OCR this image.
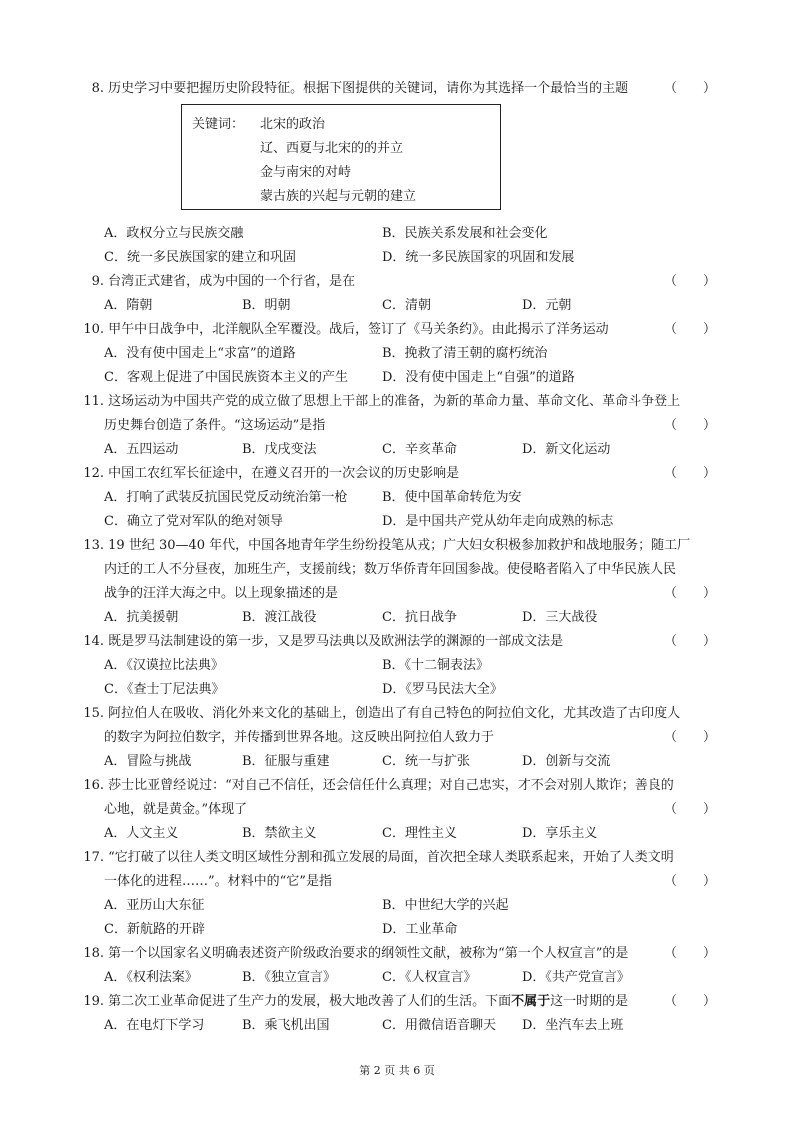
8. 历史学习中要把握历史阶段特征。根据下图提供的关键词，请你为其选择一个最恰当的主题	（　　）
关键词： 北宋的政治
辽、西夏与北宋的的并立
金与南宋的对峙
蒙古族的兴起与元朝的建立
A．政权分立与民族交融	B．民族关系发展和社会变化
C．统一多民族国家的建立和巩固	D．统一多民族国家的巩固和发展
9. 台湾正式建省，成为中国的一个行省，是在	（　　）
A．隋朝	B．明朝	C．清朝	D．元朝
10. 甲午中日战争中，北洋舰队全军覆没。战后，签订了《马关条约》。由此揭示了洋务运动	（　　）
A．没有使中国走上“求富”的道路	B．挽救了清王朝的腐朽统治
C．客观上促进了中国民族资本主义的产生	D．没有使中国走上“自强”的道路
11. 这场运动为中国共产党的成立做了思想上干部上的准备，为新的革命力量、革命文化、革命斗争登上
历史舞台创造了条件。“这场运动”是指	（　　）
A．五四运动	B．戊戌变法	C．辛亥革命	D．新文化运动
12. 中国工农红军长征途中，在遵义召开的一次会议的历史影响是	（　　）
A．打响了武装反抗国民党反动统治第一枪	B．使中国革命转危为安
C．确立了党对军队的绝对领导	D．是中国共产党从幼年走向成熟的标志
13. 19 世纪 30—40 年代，中国各地青年学生纷纷投笔从戎；广大妇女积极参加救护和战地服务；随工厂
内迁的工人不分昼夜，加班生产，支援前线；数万华侨青年回国参战。使侵略者陷入了中华民族人民
战争的汪洋大海之中。以上现象描述的是	（　　）
A．抗美援朝	B．渡江战役	C．抗日战争	D．三大战役
14. 既是罗马法制建设的第一步，又是罗马法典以及欧洲法学的渊源的一部成文法是	（　　）
A．《汉谟拉比法典》	B．《十二铜表法》
C．《查士丁尼法典》	D．《罗马民法大全》
15. 阿拉伯人在吸收、消化外来文化的基础上，创造出了有自己特色的阿拉伯文化，尤其改造了古印度人
的数字为阿拉伯数字，并传播到世界各地。这反映出阿拉伯人致力于	（　　）
A．冒险与挑战	B．征服与重建	C．统一与扩张	D．创新与交流
16. 莎士比亚曾经说过：“对自己不信任，还会信任什么真理；对自己忠实，才不会对别人欺诈；善良的
心地，就是黄金。”体现了	（　　）
A．人文主义	B．禁欲主义	C．理性主义	D．享乐主义
17. “它打破了以往人类文明区域性分割和孤立发展的局面，首次把全球人类联系起来，开始了人类文明
一体化的进程……”。材料中的“它”是指	（　　）
A．亚历山大东征	B．中世纪大学的兴起
C．新航路的开辟	D．工业革命
18. 第一个以国家名义明确表述资产阶级政治要求的纲领性文献，被称为“第一个人权宣言”的是	（　　）
A．《权利法案》	B．《独立宣言》	C．《人权宣言》	D．《共产党宣言》
19. 第二次工业革命促进了生产力的发展，极大地改善了人们的生活。下面不属于这一时期的是	（　　）
A．在电灯下学习	B．乘飞机出国	C．用微信语音聊天 D．坐汽车去上班
第 2 页 共 6 页
